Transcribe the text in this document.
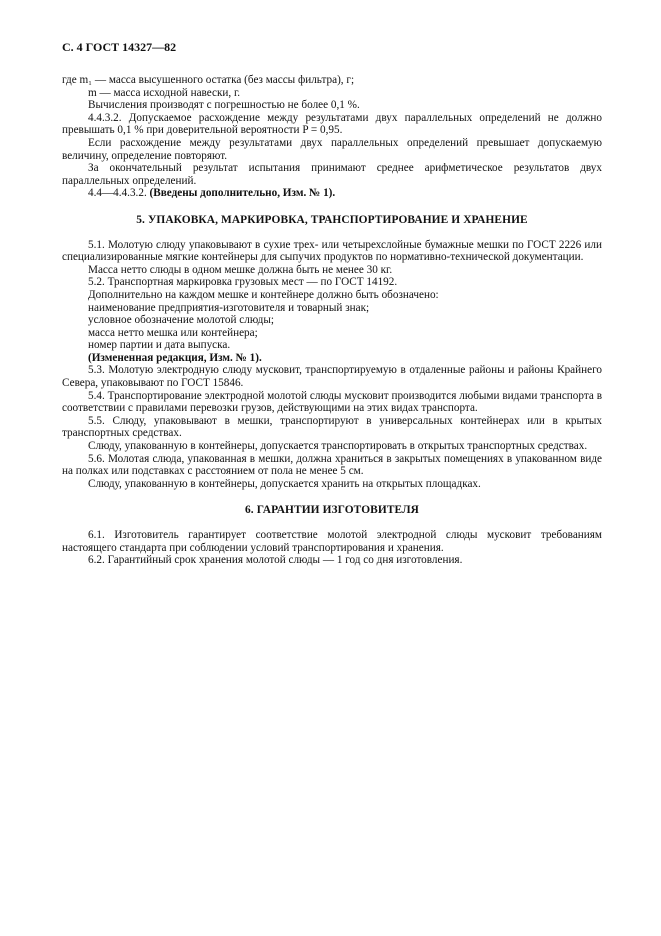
С. 4 ГОСТ 14327—82

где m₁ — масса высушенного остатка (без массы фильтра), г;

m — масса исходной навески, г.

Вычисления производят с погрешностью не более 0,1 %.

4.4.3.2. Допускаемое расхождение между результатами двух параллельных определений не должно превышать 0,1 % при доверительной вероятности P = 0,95.

Если расхождение между результатами двух параллельных определений превышает допускаемую величину, определение повторяют.

За окончательный результат испытания принимают среднее арифметическое результатов двух параллельных определений.

4.4—4.4.3.2. (Введены дополнительно, Изм. № 1).

5. УПАКОВКА, МАРКИРОВКА, ТРАНСПОРТИРОВАНИЕ И ХРАНЕНИЕ

5.1. Молотую слюду упаковывают в сухие трех- или четырехслойные бумажные мешки по ГОСТ 2226 или специализированные мягкие контейнеры для сыпучих продуктов по нормативно-технической документации.

Масса нетто слюды в одном мешке должна быть не менее 30 кг.

5.2. Транспортная маркировка грузовых мест — по ГОСТ 14192.

Дополнительно на каждом мешке и контейнере должно быть обозначено:

наименование предприятия-изготовителя и товарный знак;

условное обозначение молотой слюды;

масса нетто мешка или контейнера;

номер партии и дата выпуска.

(Измененная редакция, Изм. № 1).

5.3. Молотую электродную слюду мусковит, транспортируемую в отдаленные районы и районы Крайнего Севера, упаковывают по ГОСТ 15846.

5.4. Транспортирование электродной молотой слюды мусковит производится любыми видами транспорта в соответствии с правилами перевозки грузов, действующими на этих видах транспорта.

5.5. Слюду, упаковывают в мешки, транспортируют в универсальных контейнерах или в крытых транспортных средствах.

Слюду, упакованную в контейнеры, допускается транспортировать в открытых транспортных средствах.

5.6. Молотая слюда, упакованная в мешки, должна храниться в закрытых помещениях в упакованном виде на полках или подставках с расстоянием от пола не менее 5 см.

Слюду, упакованную в контейнеры, допускается хранить на открытых площадках.

6. ГАРАНТИИ ИЗГОТОВИТЕЛЯ

6.1. Изготовитель гарантирует соответствие молотой электродной слюды мусковит требованиям настоящего стандарта при соблюдении условий транспортирования и хранения.

6.2. Гарантийный срок хранения молотой слюды — 1 год со дня изготовления.
